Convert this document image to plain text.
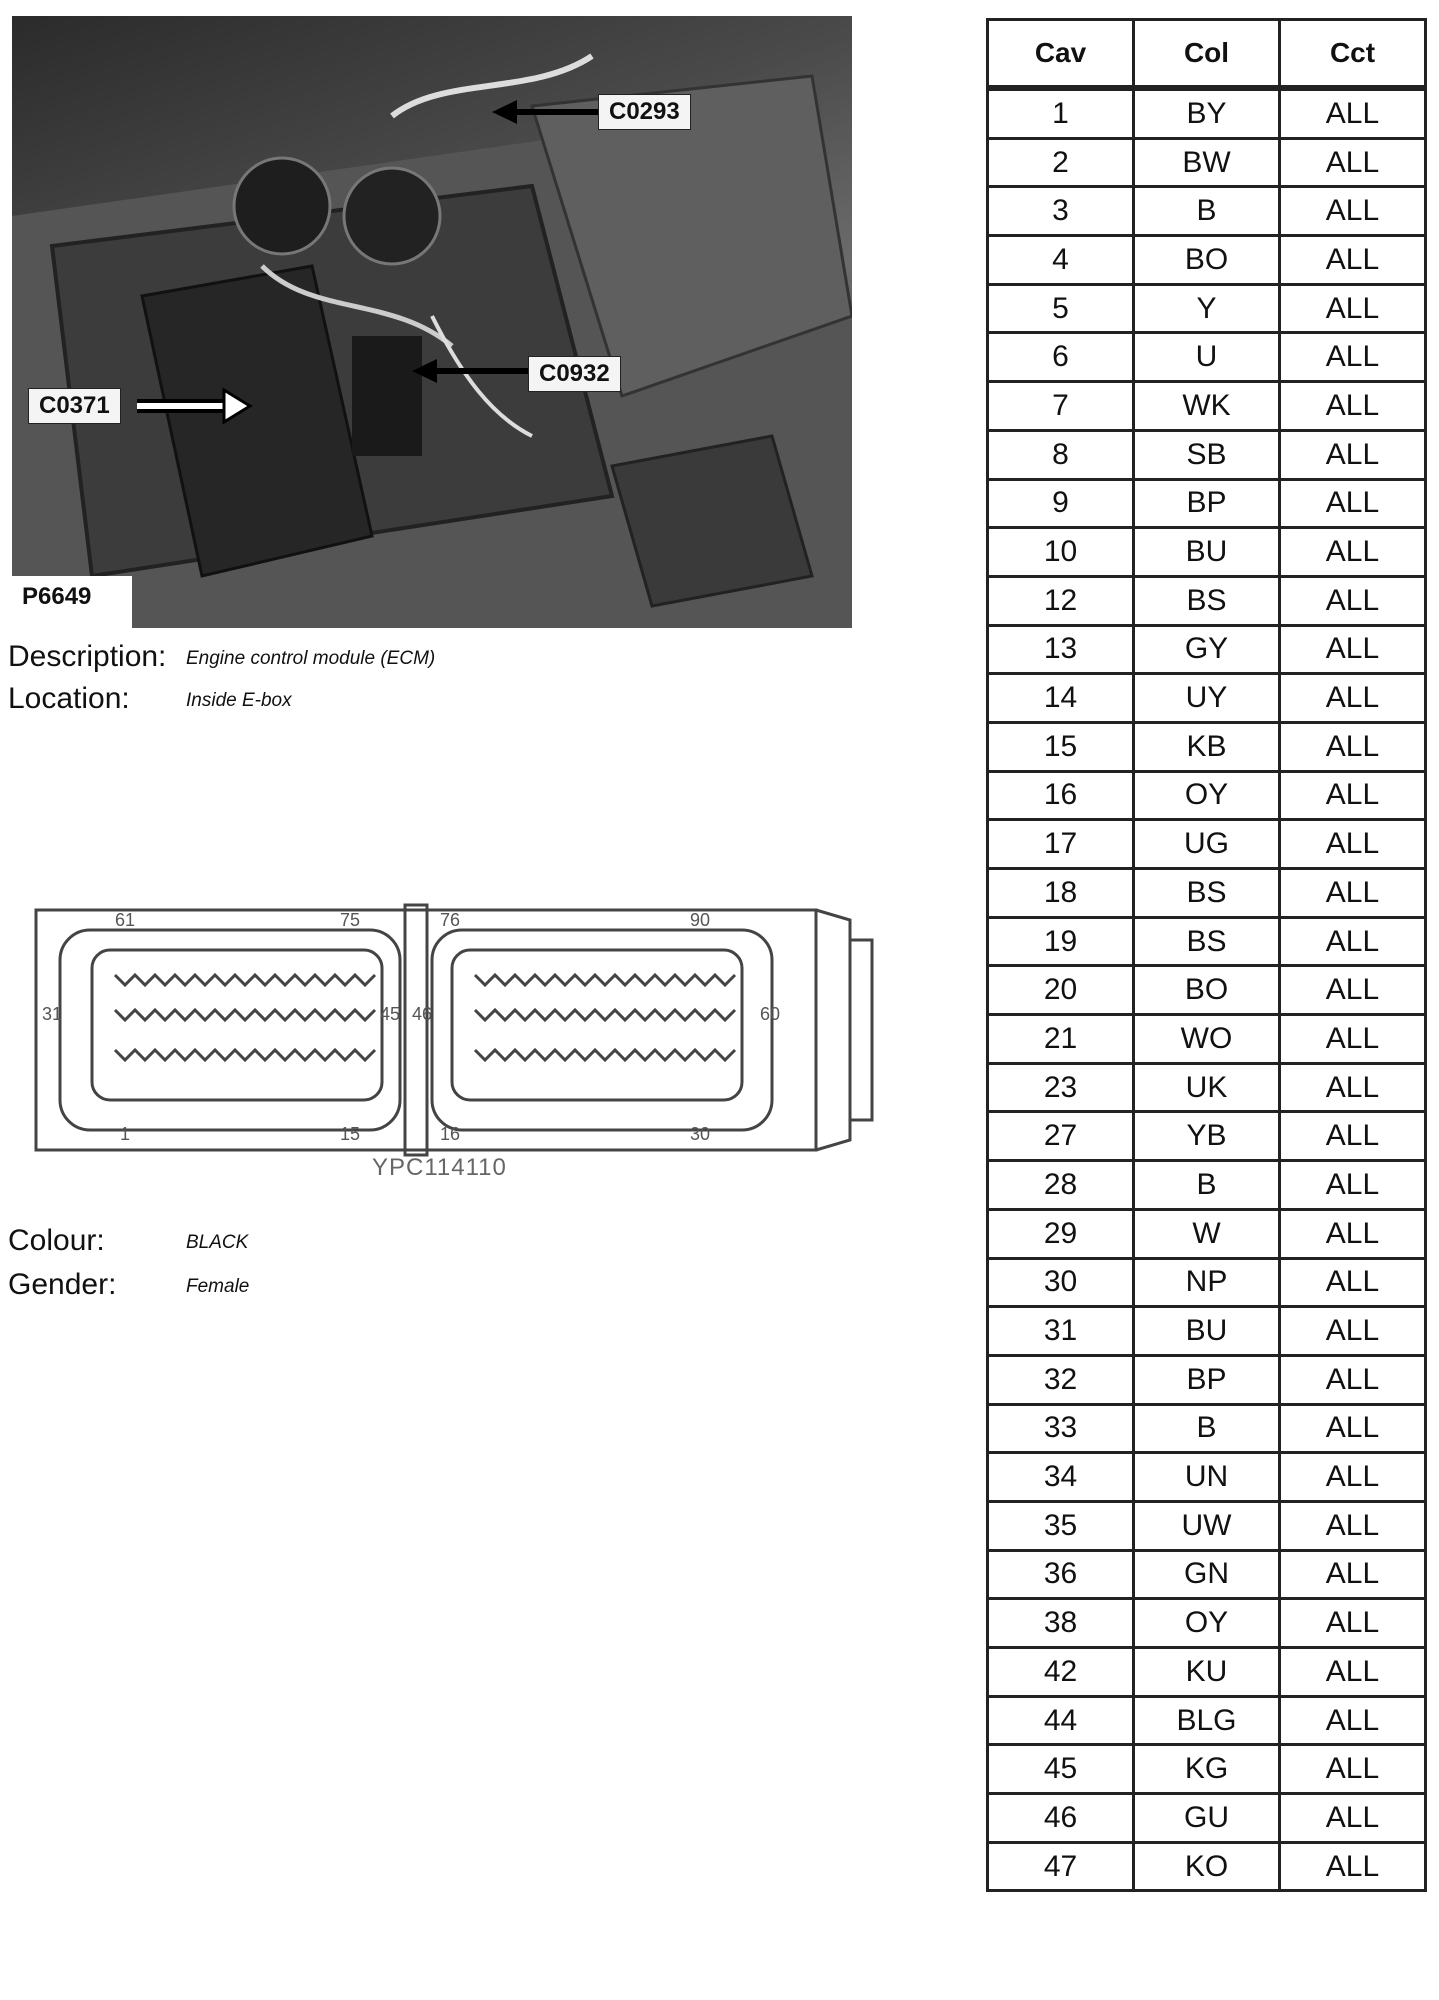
C0293
C0932
C0371
P6649
Description: Engine control module (ECM)
Location:	Inside E-box
61	75	76	90
31	45 46	60
1	15	16	30
YPC114110
Colour:	BLACK
Gender:	Female
Cav	Col	Cct
1	BY	ALL
2	BW	ALL
3	B	ALL
4	BO	ALL
5	Y	ALL
6	U	ALL
7	WK	ALL
8	SB	ALL
9	BP	ALL
10	BU	ALL
12	BS	ALL
13	GY	ALL
14	UY	ALL
15	KB	ALL
16	OY	ALL
17	UG	ALL
18	BS	ALL
19	BS	ALL
20	BO	ALL
21	WO	ALL
23	UK	ALL
27	YB	ALL
28	B	ALL
29	W	ALL
30	NP	ALL
31	BU	ALL
32	BP	ALL
33	B	ALL
34	UN	ALL
35	UW	ALL
36	GN	ALL
38	OY	ALL
42	KU	ALL
44	BLG	ALL
45	KG	ALL
46	GU	ALL
47	KO	ALL
